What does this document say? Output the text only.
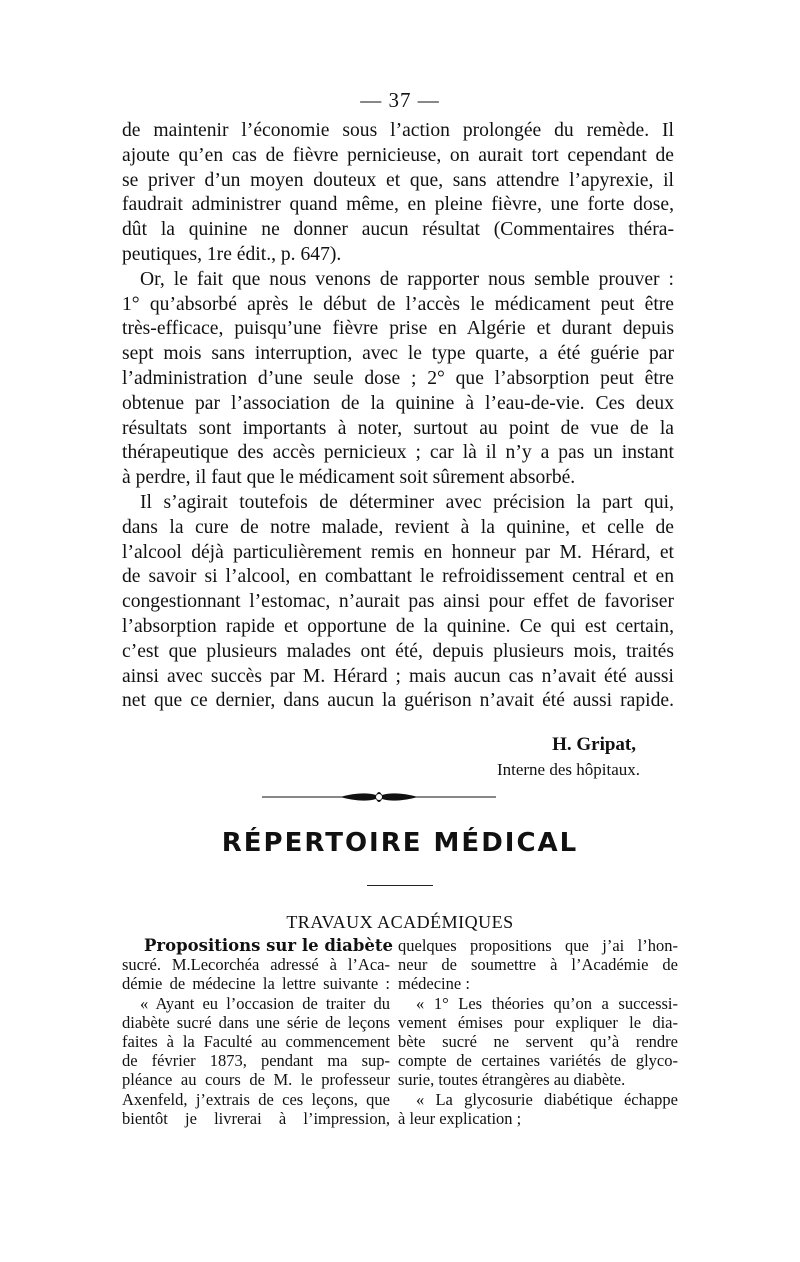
— 37 —
de maintenir l’économie sous l’action prolongée du remède. Il
ajoute qu’en cas de fièvre pernicieuse, on aurait tort cependant de
se priver d’un moyen douteux et que, sans attendre l’apyrexie, il
faudrait administrer quand même, en pleine fièvre, une forte dose,
dût la quinine ne donner aucun résultat (Commentaires théra-
peutiques, 1re édit., p. 647).
Or, le fait que nous venons de rapporter nous semble prouver :
1° qu’absorbé après le début de l’accès le médicament peut être
très-efficace, puisqu’une fièvre prise en Algérie et durant depuis
sept mois sans interruption, avec le type quarte, a été guérie par
l’administration d’une seule dose ; 2° que l’absorption peut être
obtenue par l’association de la quinine à l’eau-de-vie. Ces deux
résultats sont importants à noter, surtout au point de vue de la
thérapeutique des accès pernicieux ; car là il n’y a pas un instant
à perdre, il faut que le médicament soit sûrement absorbé.
Il s’agirait toutefois de déterminer avec précision la part qui,
dans la cure de notre malade, revient à la quinine, et celle de
l’alcool déjà particulièrement remis en honneur par M. Hérard, et
de savoir si l’alcool, en combattant le refroidissement central et en
congestionnant l’estomac, n’aurait pas ainsi pour effet de favoriser
l’absorption rapide et opportune de la quinine. Ce qui est certain,
c’est que plusieurs malades ont été, depuis plusieurs mois, traités
ainsi avec succès par M. Hérard ; mais aucun cas n’avait été aussi
net que ce dernier, dans aucun la guérison n’avait été aussi rapide.
H. Gripat,
Interne des hôpitaux.
RÉPERTOIRE MÉDICAL
TRAVAUX ACADÉMIQUES
Propositions sur le diabète
sucré. M.Lecorchéa adressé à l’Aca-
démie de médecine la lettre suivante :
« Ayant eu l’occasion de traiter du
diabète sucré dans une série de leçons
faites à la Faculté au commencement
de février 1873, pendant ma sup-
pléance au cours de M. le professeur
Axenfeld, j’extrais de ces leçons, que
bientôt je livrerai à l’impression,
quelques propositions que j’ai l’hon-
neur de soumettre à l’Académie de
médecine :
« 1° Les théories qu’on a successi-
vement émises pour expliquer le dia-
bète sucré ne servent qu’à rendre
compte de certaines variétés de glyco-
surie, toutes étrangères au diabète.
« La glycosurie diabétique échappe
à leur explication ;
